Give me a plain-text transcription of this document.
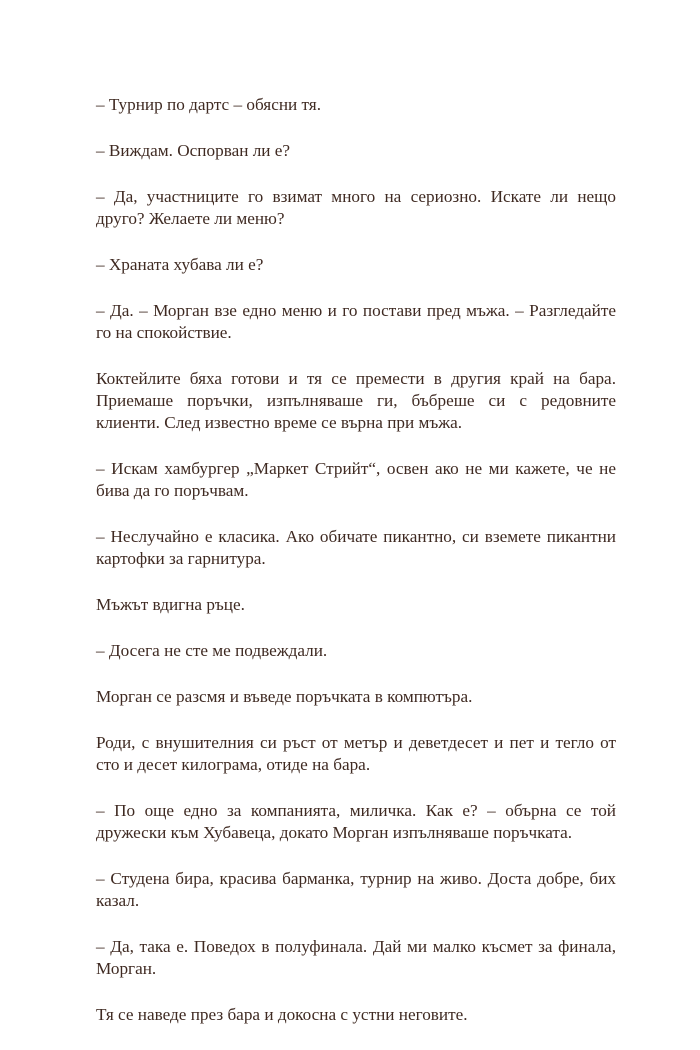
– Турнир по дартс – обясни тя.

– Виждам. Оспорван ли е?

– Да, участниците го взимат много на сериозно. Искате ли нещо друго? Желаете ли меню?

– Храната хубава ли е?

– Да. – Морган взе едно меню и го постави пред мъжа. – Разгледайте го на спокойствие.

Коктейлите бяха готови и тя се премести в другия край на бара. Приемаше поръчки, изпълняваше ги, бъбреше си с редовните клиенти. След известно време се върна при мъжа.

– Искам хамбургер „Маркет Стрийт“, освен ако не ми кажете, че не бива да го поръчвам.

– Неслучайно е класика. Ако обичате пикантно, си вземете пикантни картофки за гарнитура.

Мъжът вдигна ръце.

– Досега не сте ме подвеждали.

Морган се разсмя и въведе поръчката в компютъра.

Роди, с внушителния си ръст от метър и деветдесет и пет и тегло от сто и десет килограма, отиде на бара.

– По още едно за компанията, миличка. Как е? – обърна се той дружески към Хубавеца, докато Морган изпълняваше поръчката.

– Студена бира, красива барманка, турнир на живо. Доста добре, бих казал.

– Да, така е. Поведох в полуфинала. Дай ми малко късмет за финала, Морган.

Тя се наведе през бара и докосна с устни неговите.
